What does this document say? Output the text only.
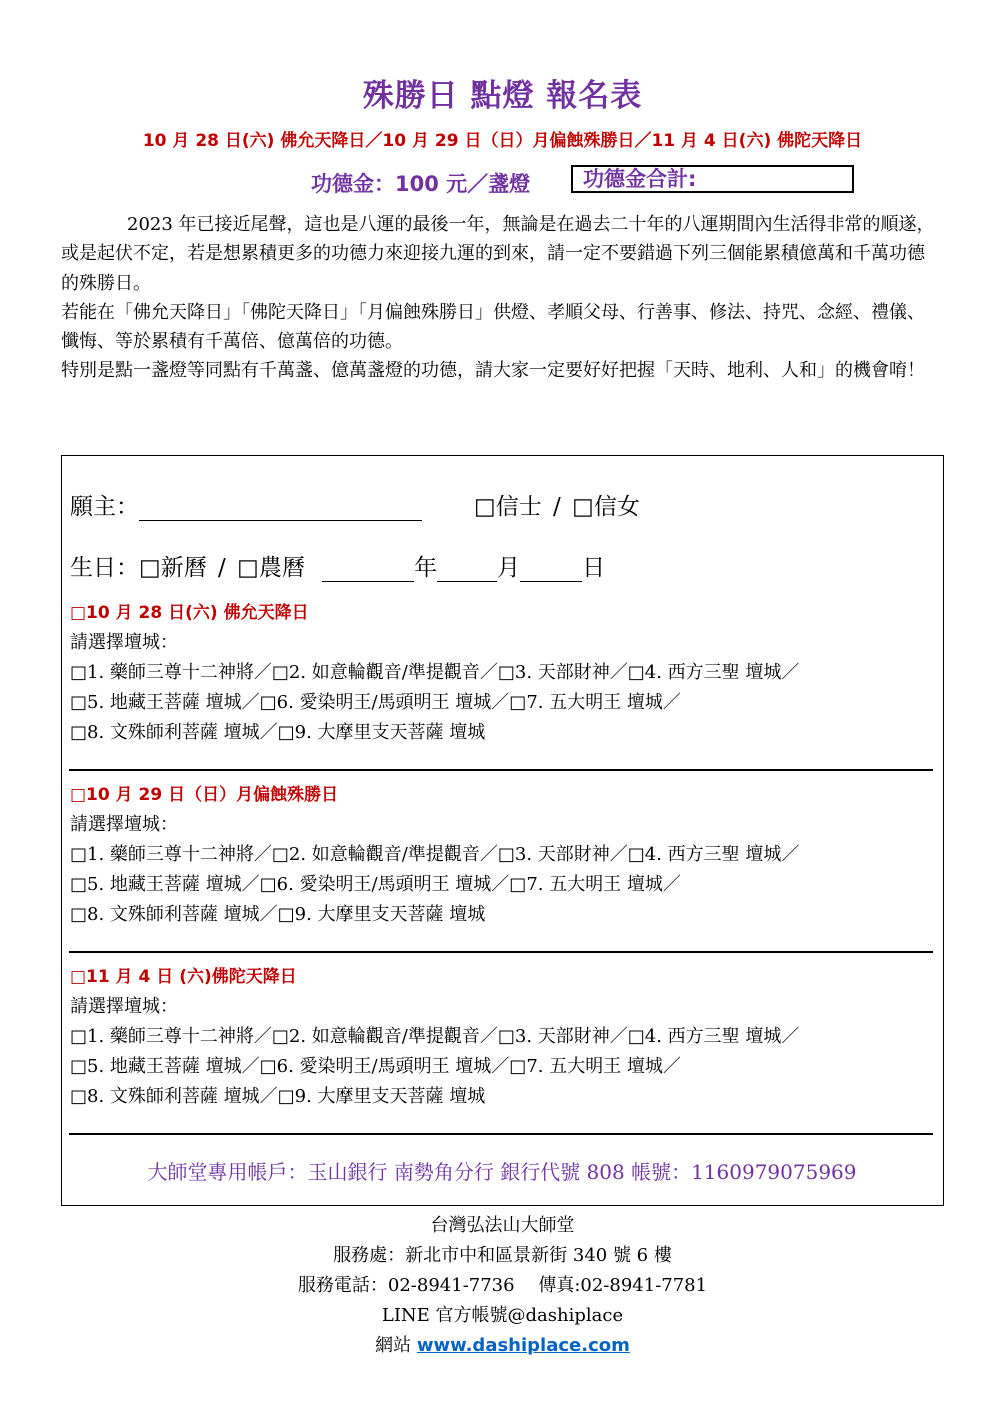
殊勝日 點燈 報名表
10 月 28 日(六) 佛允天降日／10 月 29 日（日）月偏蝕殊勝日／11 月 4 日(六) 佛陀天降日
功德金：100 元／盞燈	功德金合計:

2023 年已接近尾聲，這也是八運的最後一年，無論是在過去二十年的八運期間內生活得非常的順遂，或是起伏不定，若是想累積更多的功德力來迎接九運的到來，請一定不要錯過下列三個能累積億萬和千萬功德的殊勝日。

若能在「佛允天降日」「佛陀天降日」「月偏蝕殊勝日」供燈、孝順父母、行善事、修法、持咒、念經、禮儀、懺悔、等於累積有千萬倍、億萬倍的功德。

特別是點一盞燈等同點有千萬盞、億萬盞燈的功德，請大家一定要好好把握「天時、地利、人和」的機會唷！

願主：	□信士 / □信女
生日：□新曆 / □農曆	年	月	日
□10 月 28 日(六) 佛允天降日
請選擇壇城：
□1. 藥師三尊十二神將／□2. 如意輪觀音/準提觀音／□3. 天部財神／□4. 西方三聖 壇城／
□5. 地藏王菩薩 壇城／□6. 愛染明王/馬頭明王 壇城／□7. 五大明王 壇城／
□8. 文殊師利菩薩 壇城／□9. 大摩里支天菩薩 壇城
□10 月 29 日（日）月偏蝕殊勝日
請選擇壇城：
□1. 藥師三尊十二神將／□2. 如意輪觀音/準提觀音／□3. 天部財神／□4. 西方三聖 壇城／
□5. 地藏王菩薩 壇城／□6. 愛染明王/馬頭明王 壇城／□7. 五大明王 壇城／
□8. 文殊師利菩薩 壇城／□9. 大摩里支天菩薩 壇城
□11 月 4 日 (六)佛陀天降日
請選擇壇城：
□1. 藥師三尊十二神將／□2. 如意輪觀音/準提觀音／□3. 天部財神／□4. 西方三聖 壇城／
□5. 地藏王菩薩 壇城／□6. 愛染明王/馬頭明王 壇城／□7. 五大明王 壇城／
□8. 文殊師利菩薩 壇城／□9. 大摩里支天菩薩 壇城
大師堂專用帳戶：玉山銀行 南勢角分行 銀行代號 808 帳號：1160979075969
台灣弘法山大師堂
服務處：新北市中和區景新街 340 號 6 樓
服務電話：02-8941-7736　 傳真:02-8941-7781
LINE 官方帳號@dashiplace
網站 www.dashiplace.com
